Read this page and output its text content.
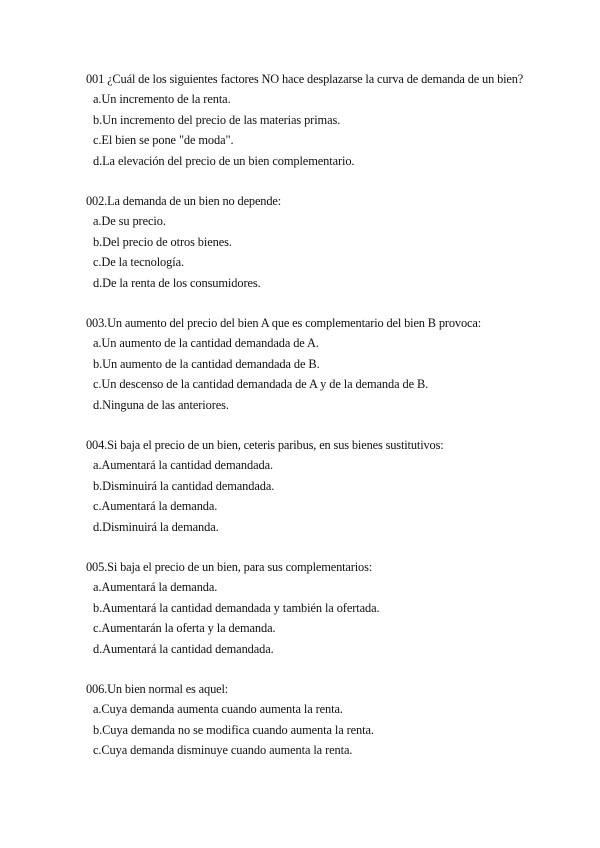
001 ¿Cuál de los siguientes factores NO hace desplazarse la curva de demanda de un bien?
a.Un incremento de la renta.
b.Un incremento del precio de las materias primas.
c.El bien se pone "de moda".
d.La elevación del precio de un bien complementario.
002.La demanda de un bien no depende:
a.De su precio.
b.Del precio de otros bienes.
c.De la tecnología.
d.De la renta de los consumidores.
003.Un aumento del precio del bien A que es complementario del bien B provoca:
a.Un aumento de la cantidad demandada de A.
b.Un aumento de la cantidad demandada de B.
c.Un descenso de la cantidad demandada de A y de la demanda de B.
d.Ninguna de las anteriores.
004.Si baja el precio de un bien, ceteris paribus, en sus bienes sustitutivos:
a.Aumentará la cantidad demandada.
b.Disminuirá la cantidad demandada.
c.Aumentará la demanda.
d.Disminuirá la demanda.
005.Si baja el precio de un bien, para sus complementarios:
a.Aumentará la demanda.
b.Aumentará la cantidad demandada y también la ofertada.
c.Aumentarán la oferta y la demanda.
d.Aumentará la cantidad demandada.
006.Un bien normal es aquel:
a.Cuya demanda aumenta cuando aumenta la renta.
b.Cuya demanda no se modifica cuando aumenta la renta.
c.Cuya demanda disminuye cuando aumenta la renta.
